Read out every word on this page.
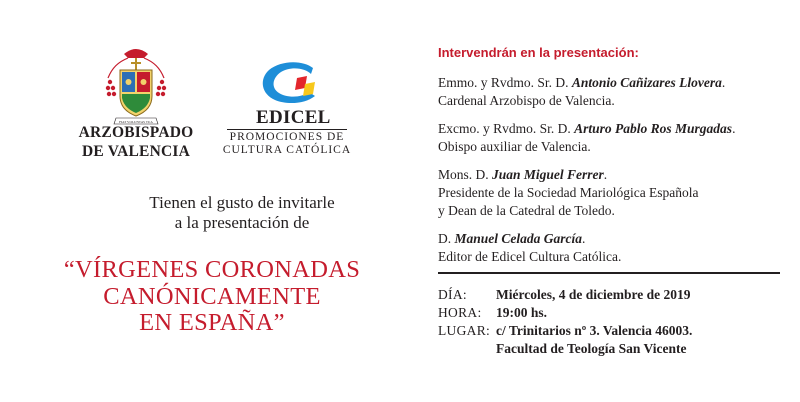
FIAT VOLUNTAS TUA
ARZOBISPADO
DE VALENCIA
EDICEL
PROMOCIONES DE
CULTURA CATÓLICA
Tienen el gusto de invitarle
a la presentación de
“VÍRGENES CORONADAS
CANÓNICAMENTE
EN ESPAÑA”
Intervendrán en la presentación:
Emmo. y Rvdmo. Sr. D. Antonio Cañizares Llovera.
Cardenal Arzobispo de Valencia.
Excmo. y Rvdmo. Sr. D. Arturo Pablo Ros Murgadas.
Obispo auxiliar de Valencia.
Mons. D. Juan Miguel Ferrer.
Presidente de la Sociedad Mariológica Española
y Dean de la Catedral de Toledo.
D. Manuel Celada García.
Editor de Edicel Cultura Católica.
DÍA:	Miércoles, 4 de diciembre de 2019
HORA:	19:00 hs.
LUGAR: c/ Trinitarios nº 3. Valencia 46003.
Facultad de Teología San Vicente
